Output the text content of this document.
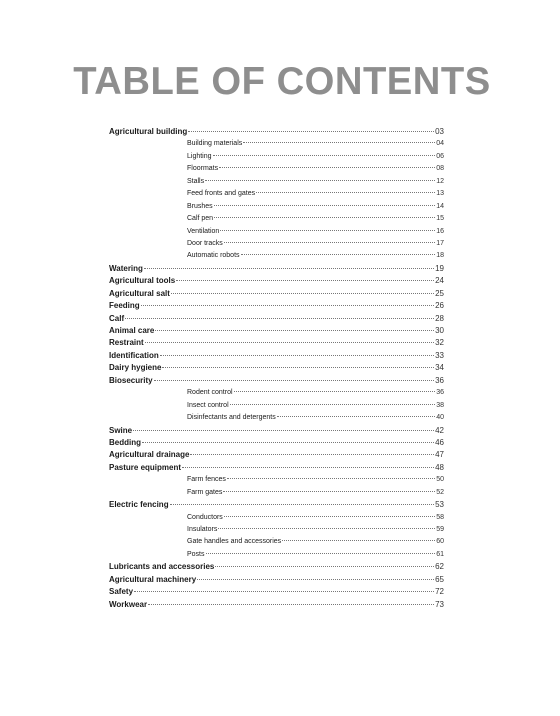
TABLE OF CONTENTS
Agricultural building	03
Building materials	04
Lighting	06
Floormats	08
Stalls	12
Feed fronts and gates	13
Brushes	14
Calf pen	15
Ventilation	16
Door tracks	17
Automatic robots	18
Watering	19
Agricultural tools	24
Agricultural salt	25
Feeding	26
Calf	28
Animal care	30
Restraint	32
Identification	33
Dairy hygiene	34
Biosecurity	36
Rodent control	36
Insect control	38
Disinfectants and detergents	40
Swine	42
Bedding	46
Agricultural drainage	47
Pasture equipment	48
Farm fences	50
Farm gates	52
Electric fencing	53
Conductors	58
Insulators	59
Gate handles and accessories	60
Posts	61
Lubricants and accessories	62
Agricultural machinery	65
Safety	72
Workwear	73
